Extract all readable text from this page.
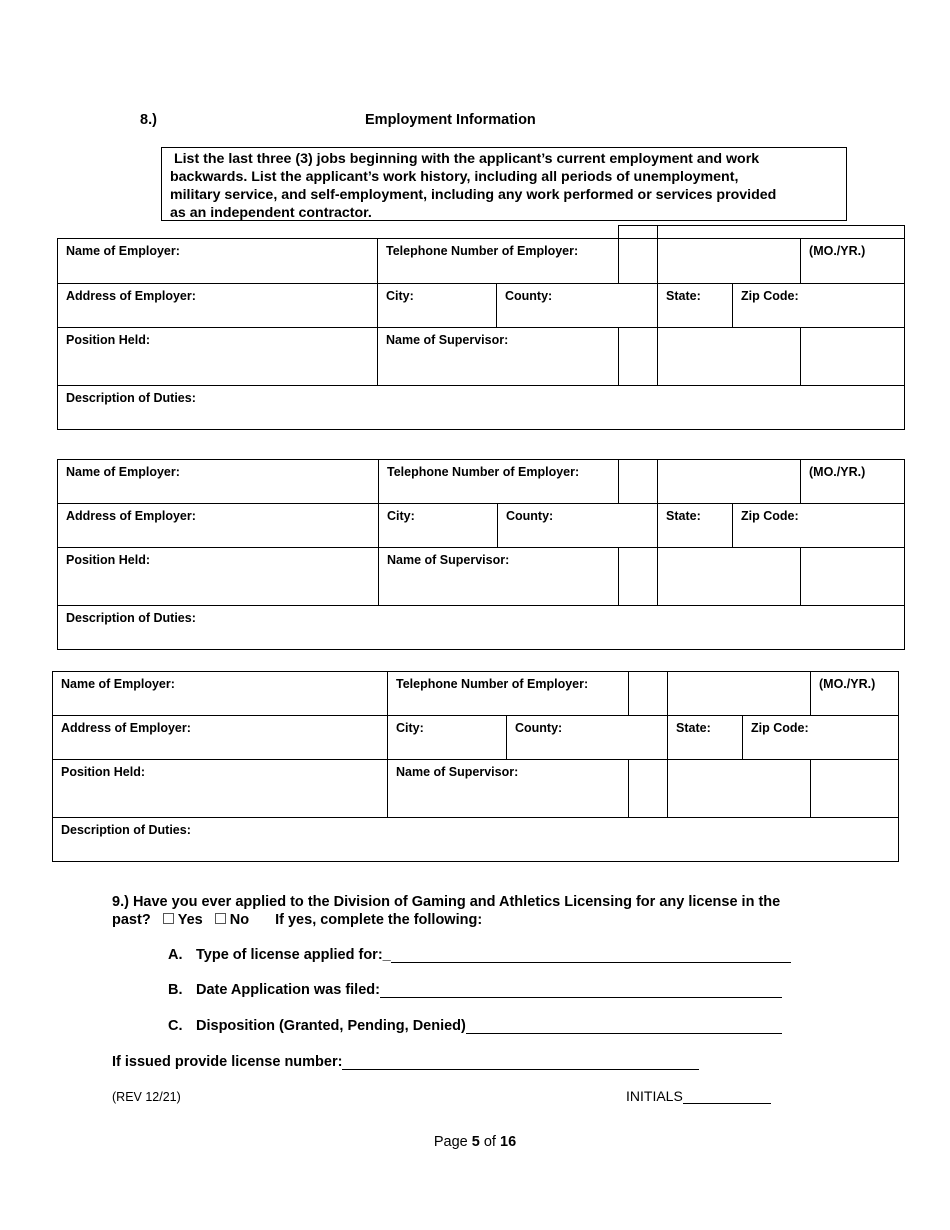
8.)	Employment Information
List the last three (3) jobs beginning with the applicant’s current employment and work
backwards. List the applicant’s work history, including all periods of unemployment,
military service, and self-employment, including any work performed or services provided
as an independent contractor.

Name of Employer:	Telephone Number of Employer:					(MO./YR.)
Address of Employer:	City:	County:		State:	Zip Code:	
Position Held:	Name of Supervisor:					
Description of Duties:						
Name of Employer:	Telephone Number of Employer:					(MO./YR.)
Address of Employer:	City:	County:		State:	Zip Code:	
Position Held:	Name of Supervisor:					
Description of Duties:						
Name of Employer:	Telephone Number of Employer:					(MO./YR.)
Address of Employer:	City:	County:		State:	Zip Code:	
Position Held:	Name of Supervisor:					
Description of Duties:						
9.) Have you ever applied to the Division of Gaming and Athletics Licensing for any license in the
past? Yes No If yes, complete the following:
A. Type of license applied for:_
B. Date Application was filed:
C. Disposition (Granted, Pending, Denied)
If issued provide license number:
(REV 12/21)	INITIALS
Page 5 of 16
